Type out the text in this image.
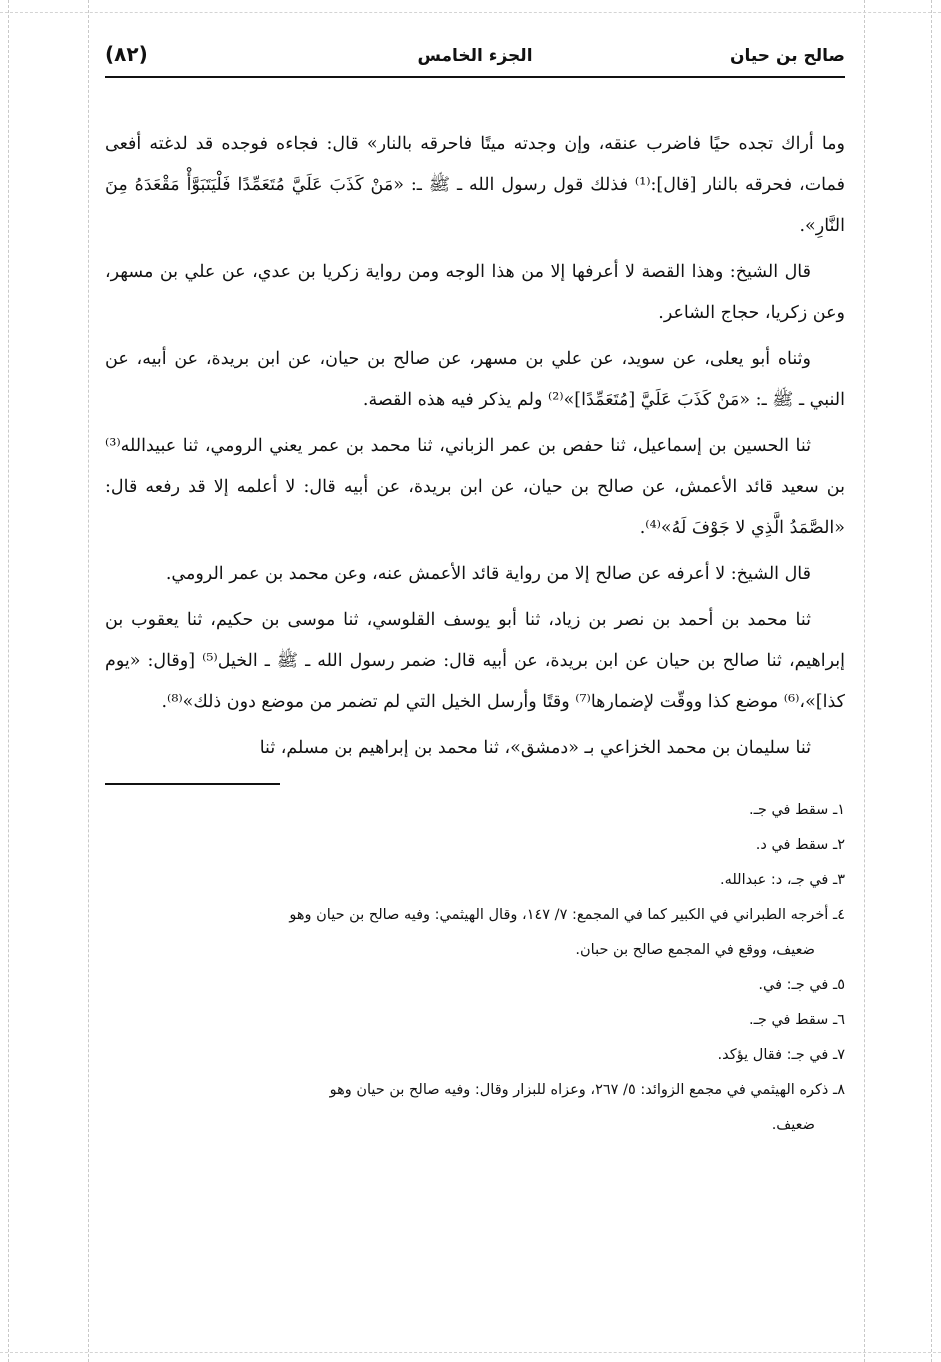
صالح بن حيان
الجزء الخامس
(٨٢)

وما أراك تجده حيًا فاضرب عنقه، وإن وجدته ميتًا فاحرقه بالنار» قال: فجاءه فوجده قد لدغته أفعى فمات، فحرقه بالنار [قال]:⁽¹⁾ فذلك قول رسول الله ـ ﷺ ـ: «مَنْ كَذَبَ عَلَيَّ مُتَعَمِّدًا فَلْيَتَبَوَّأْ مَقْعَدَهُ مِنَ النَّارِ».

قال الشيخ: وهذا القصة لا أعرفها إلا من هذا الوجه ومن رواية زكريا بن عدي، عن علي بن مسهر، وعن زكريا، حجاج الشاعر.

وثناه أبو يعلى، عن سويد، عن علي بن مسهر، عن صالح بن حيان، عن ابن بريدة، عن أبيه، عن النبي ـ ﷺ ـ: «مَنْ كَذَبَ عَلَيَّ [مُتَعَمِّدًا]»⁽²⁾ ولم يذكر فيه هذه القصة.

ثنا الحسين بن إسماعيل، ثنا حفص بن عمر الزباني، ثنا محمد بن عمر يعني الرومي، ثنا عبيدالله⁽³⁾ بن سعيد قائد الأعمش، عن صالح بن حيان، عن ابن بريدة، عن أبيه قال: لا أعلمه إلا قد رفعه قال: «الصَّمَدُ الَّذِي لا جَوْفَ لَهُ»⁽⁴⁾.

قال الشيخ: لا أعرفه عن صالح إلا من رواية قائد الأعمش عنه، وعن محمد بن عمر الرومي.

ثنا محمد بن أحمد بن نصر بن زياد، ثنا أبو يوسف القلوسي، ثنا موسى بن حكيم، ثنا يعقوب بن إبراهيم، ثنا صالح بن حيان عن ابن بريدة، عن أبيه قال: ضمر رسول الله ـ ﷺ ـ الخيل⁽⁵⁾ [وقال: «يوم كذا]»،⁽⁶⁾ موضع كذا ووقّت لإضمارها⁽⁷⁾ وقتًا وأرسل الخيل التي لم تضمر من موضع دون ذلك»⁽⁸⁾.

ثنا سليمان بن محمد الخزاعي بـ «دمشق»، ثنا محمد بن إبراهيم بن مسلم، ثنا

١ـ سقط في جـ.

٢ـ سقط في د.

٣ـ في جـ، د: عبدالله.

٤ـ أخرجه الطبراني في الكبير كما في المجمع: ٧/ ١٤٧، وقال الهيثمي: وفيه صالح بن حيان وهو

ضعيف، ووقع في المجمع صالح بن حبان.

٥ـ في جـ: في.

٦ـ سقط في جـ.

٧ـ في جـ: فقال يؤكد.

٨ـ ذكره الهيثمي في مجمع الزوائد: ٥/ ٢٦٧، وعزاه للبزار وقال: وفيه صالح بن حيان وهو

ضعيف.
